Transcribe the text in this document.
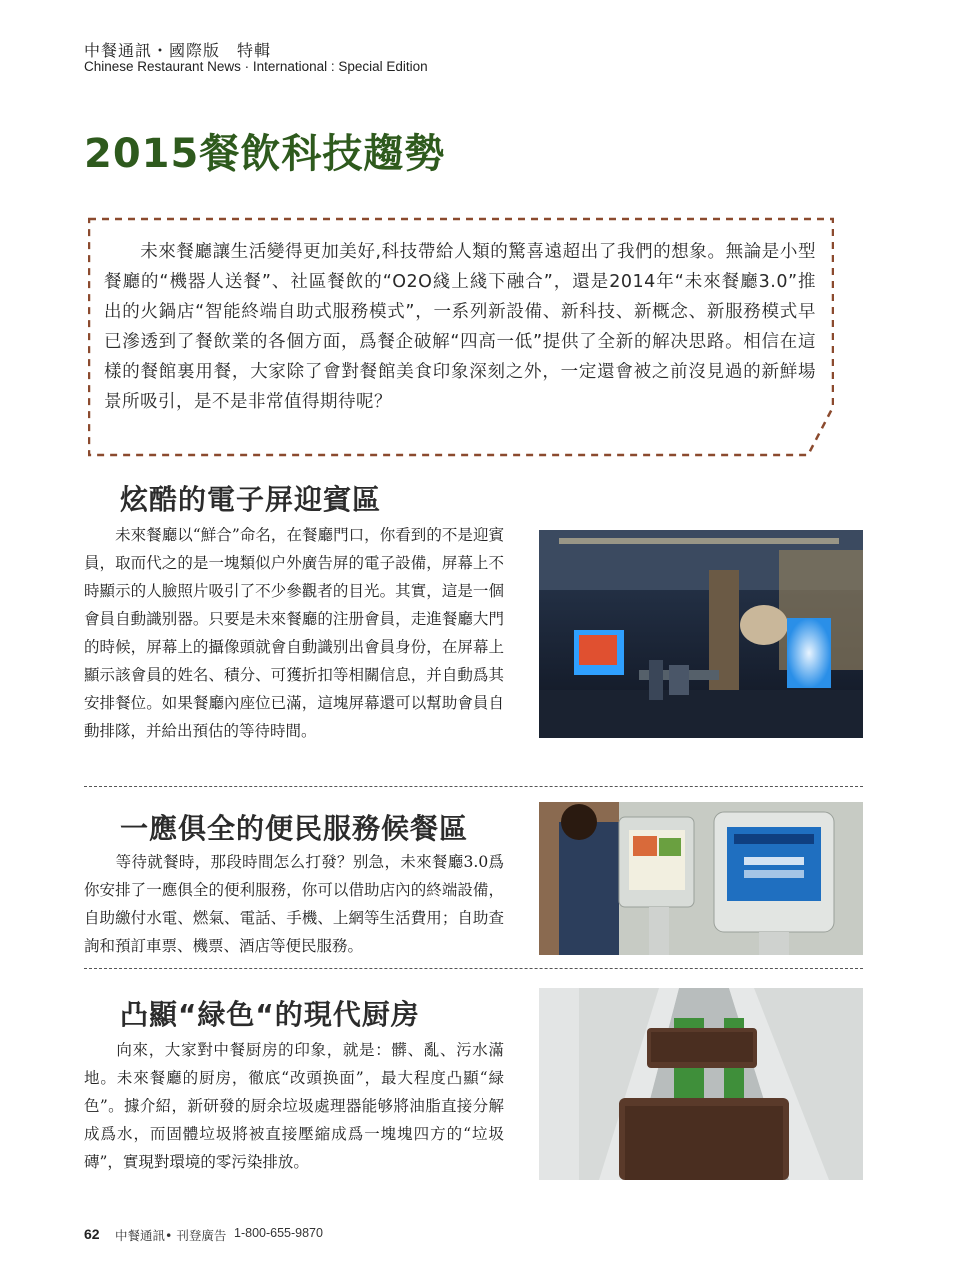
中餐通訊・國際版　特輯
Chinese Restaurant News · International : Special Edition
2015餐飲科技趨勢
　　未來餐廳讓生活變得更加美好,科技帶給人類的驚喜遠超出了我們的想象。無論是小型餐廳的“機器人送餐”、社區餐飲的“O2O綫上綫下融合”，還是2014年“未來餐廳3.0”推出的火鍋店“智能終端自助式服務模式”，一系列新設備、新科技、新概念、新服務模式早已滲透到了餐飲業的各個方面，爲餐企破解“四高一低”提供了全新的解决思路。相信在這樣的餐館裏用餐，大家除了會對餐館美食印象深刻之外，一定還會被之前沒見過的新鮮場景所吸引，是不是非常值得期待呢？
炫酷的電子屏迎賓區
　　未來餐廳以“鮮合”命名，在餐廳門口，你看到的不是迎賓員，取而代之的是一塊類似户外廣告屏的電子設備，屏幕上不時顯示的人臉照片吸引了不少參觀者的目光。其實，這是一個會員自動識别器。只要是未來餐廳的注册會員，走進餐廳大門的時候，屏幕上的攝像頭就會自動識别出會員身份，在屏幕上顯示該會員的姓名、積分、可獲折扣等相關信息，并自動爲其安排餐位。如果餐廳內座位已滿，這塊屏幕還可以幫助會員自動排隊，并給出預估的等待時間。
一應俱全的便民服務候餐區
　　等待就餐時，那段時間怎么打發？别急，未來餐廳3.0爲你安排了一應俱全的便利服務，你可以借助店內的終端設備，自助繳付水電、燃氣、電話、手機、上網等生活費用；自助查詢和預訂車票、機票、酒店等便民服務。
凸顯“緑色“的現代厨房
　　向來，大家對中餐厨房的印象，就是：髒、亂、污水滿地。未來餐廳的厨房，徹底“改頭换面”，最大程度凸顯“緑色”。據介紹，新研發的厨余垃圾處理器能够將油脂直接分解成爲水，而固體垃圾將被直接壓縮成爲一塊塊四方的“垃圾磚”，實現對環境的零污染排放。
62 中餐通訊• 刊登廣告 1-800-655-9870
